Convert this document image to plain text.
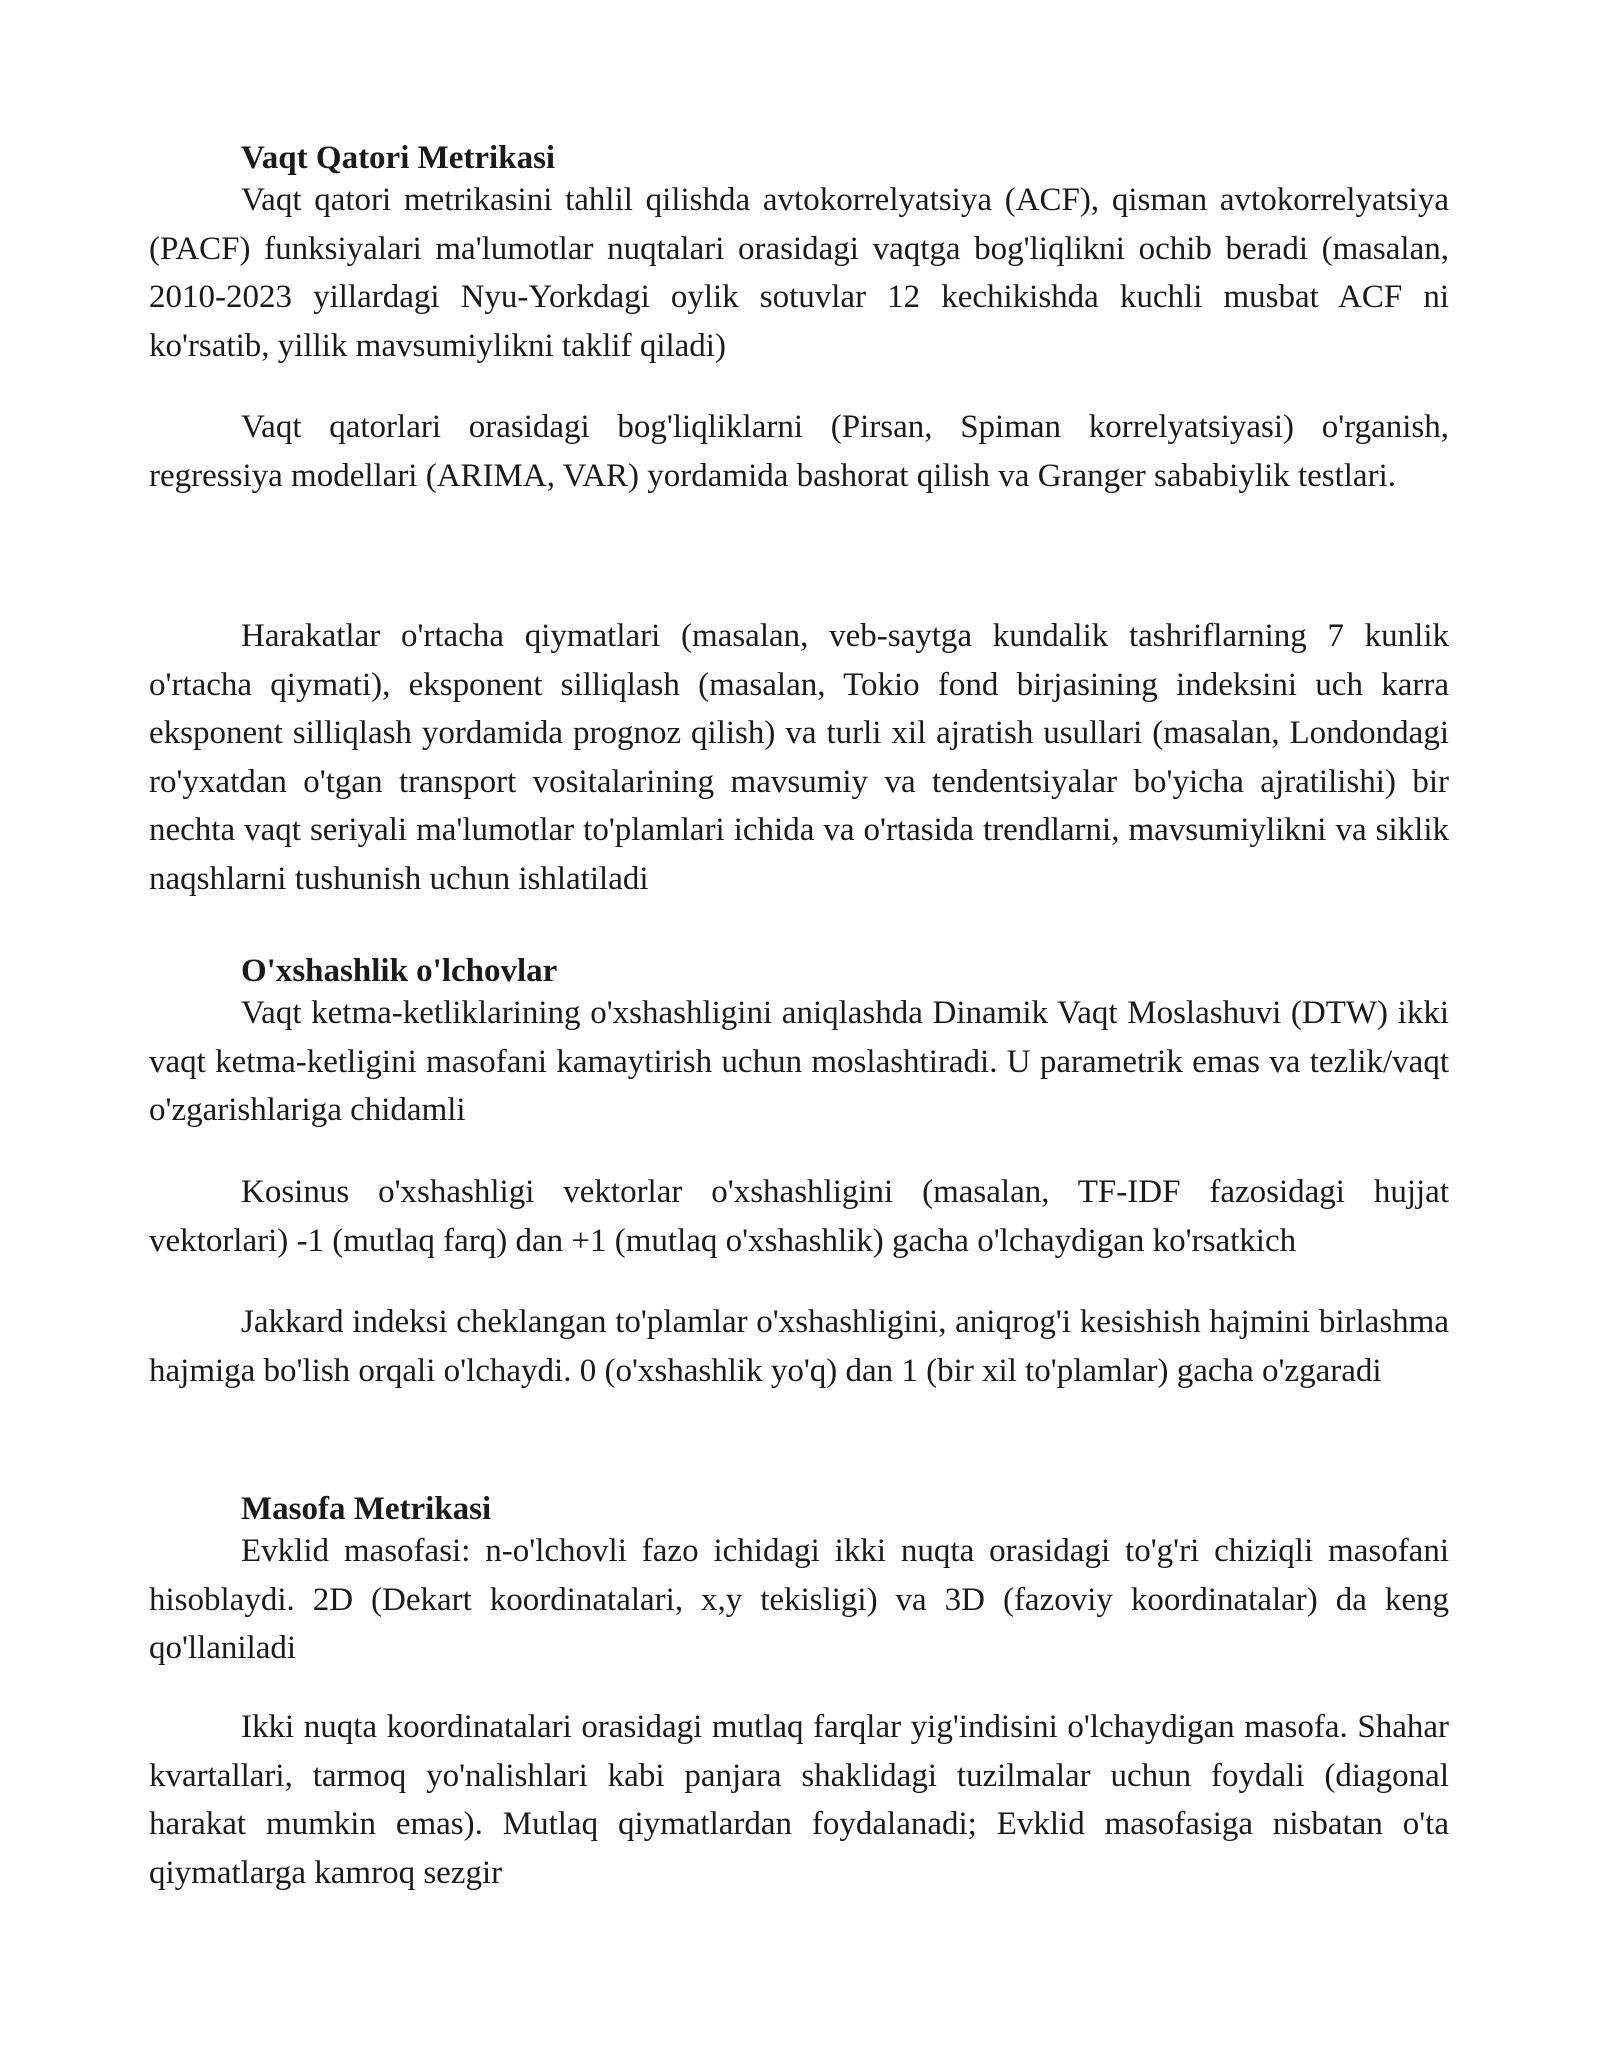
Vaqt Qatori Metrikasi

Vaqt qatori metrikasini tahlil qilishda avtokorrelyatsiya (ACF), qisman avtokorrelyatsiya (PACF) funksiyalari ma'lumotlar nuqtalari orasidagi vaqtga bog'liqlikni ochib beradi (masalan, 2010-2023 yillardagi Nyu-Yorkdagi oylik sotuvlar 12 kechikishda kuchli musbat ACF ni ko'rsatib, yillik mavsumiylikni taklif qiladi)

Vaqt qatorlari orasidagi bog'liqliklarni (Pirsan, Spiman korrelyatsiyasi) o'rganish, regressiya modellari (ARIMA, VAR) yordamida bashorat qilish va Granger sababiylik testlari.

Harakatlar o'rtacha qiymatlari (masalan, veb-saytga kundalik tashriflarning 7 kunlik o'rtacha qiymati), eksponent silliqlash (masalan, Tokio fond birjasining indeksini uch karra eksponent silliqlash yordamida prognoz qilish) va turli xil ajratish usullari (masalan, Londondagi ro'yxatdan o'tgan transport vositalarining mavsumiy va tendentsiyalar bo'yicha ajratilishi) bir nechta vaqt seriyali ma'lumotlar to'plamlari ichida va o'rtasida trendlarni, mavsumiylikni va siklik naqshlarni tushunish uchun ishlatiladi

O'xshashlik o'lchovlar

Vaqt ketma-ketliklarining o'xshashligini aniqlashda Dinamik Vaqt Moslashuvi (DTW) ikki vaqt ketma-ketligini masofani kamaytirish uchun moslashtiradi. U parametrik emas va tezlik/vaqt o'zgarishlariga chidamli

Kosinus o'xshashligi vektorlar o'xshashligini (masalan, TF-IDF fazosidagi hujjat vektorlari) -1 (mutlaq farq) dan +1 (mutlaq o'xshashlik) gacha o'lchaydigan ko'rsatkich

Jakkard indeksi cheklangan to'plamlar o'xshashligini, aniqrog'i kesishish hajmini birlashma hajmiga bo'lish orqali o'lchaydi. 0 (o'xshashlik yo'q) dan 1 (bir xil to'plamlar) gacha o'zgaradi

Masofa Metrikasi

Evklid masofasi: n-o'lchovli fazo ichidagi ikki nuqta orasidagi to'g'ri chiziqli masofani hisoblaydi. 2D (Dekart koordinatalari, x,y tekisligi) va 3D (fazoviy koordinatalar) da keng qo'llaniladi

Ikki nuqta koordinatalari orasidagi mutlaq farqlar yig'indisini o'lchaydigan masofa. Shahar kvartallari, tarmoq yo'nalishlari kabi panjara shaklidagi tuzilmalar uchun foydali (diagonal harakat mumkin emas). Mutlaq qiymatlardan foydalanadi; Evklid masofasiga nisbatan o'ta qiymatlarga kamroq sezgir
